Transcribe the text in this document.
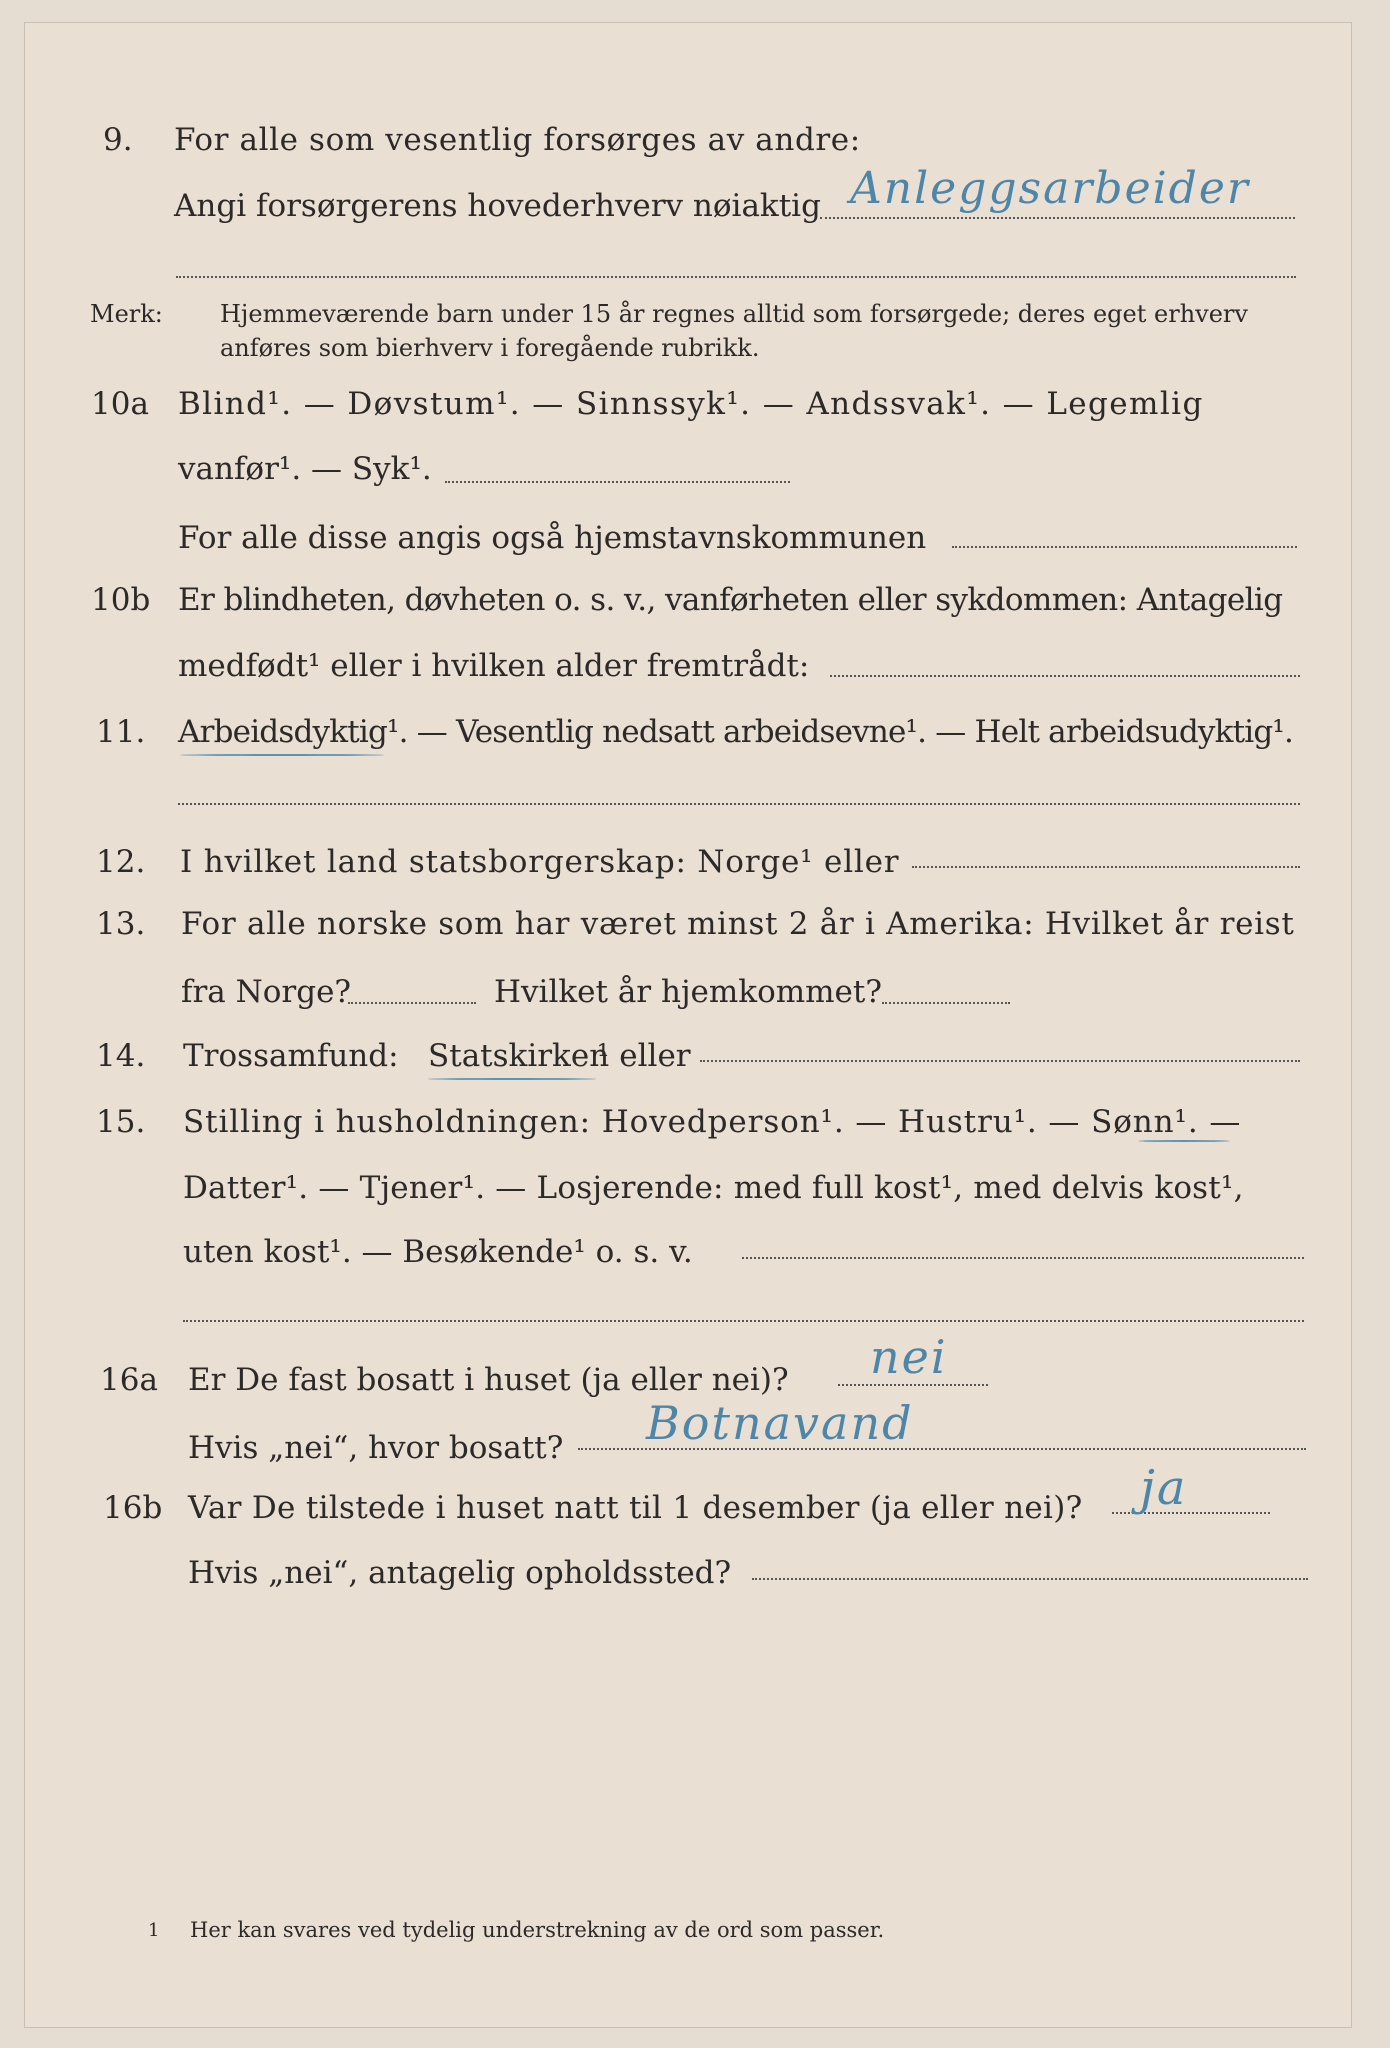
9. For alle som vesentlig forsørges av andre:
Angi forsørgerens hovederhverv nøiaktig Anleggsarbeider
Merk: Hjemmeværende barn under 15 år regnes alltid som forsørgede; deres eget erhverv
anføres som bierhverv i foregående rubrikk.
10a Blind¹. — Døvstum¹. — Sinnssyk¹. — Andssvak¹. — Legemlig
vanfør¹. — Syk¹.
For alle disse angis også hjemstavnskommunen
10b Er blindheten, døvheten o. s. v., vanførheten eller sykdommen: Antagelig
medfødt¹ eller i hvilken alder fremtrådt:
11. Arbeidsdyktig¹. — Vesentlig nedsatt arbeidsevne¹. — Helt arbeidsudyktig¹.
12. I hvilket land statsborgerskap: Norge¹ eller
13. For alle norske som har været minst 2 år i Amerika: Hvilket år reist
fra Norge?	Hvilket år hjemkommet?
14. Trossamfund: Statskirken
¹ eller
15. Stilling i husholdningen: Hovedperson¹. — Hustru¹. — Sønn¹. —
Datter¹. — Tjener¹. — Losjerende: med full kost¹, med delvis kost¹,
uten kost¹. — Besøkende¹ o. s. v.
16a Er De fast bosatt i huset (ja eller nei)? nei
Hvis „nei“, hvor bosatt? Botnavand
16b Var De tilstede i huset natt til 1 desember (ja eller nei)? ja
Hvis „nei“, antagelig opholdssted?
1 Her kan svares ved tydelig understrekning av de ord som passer.
